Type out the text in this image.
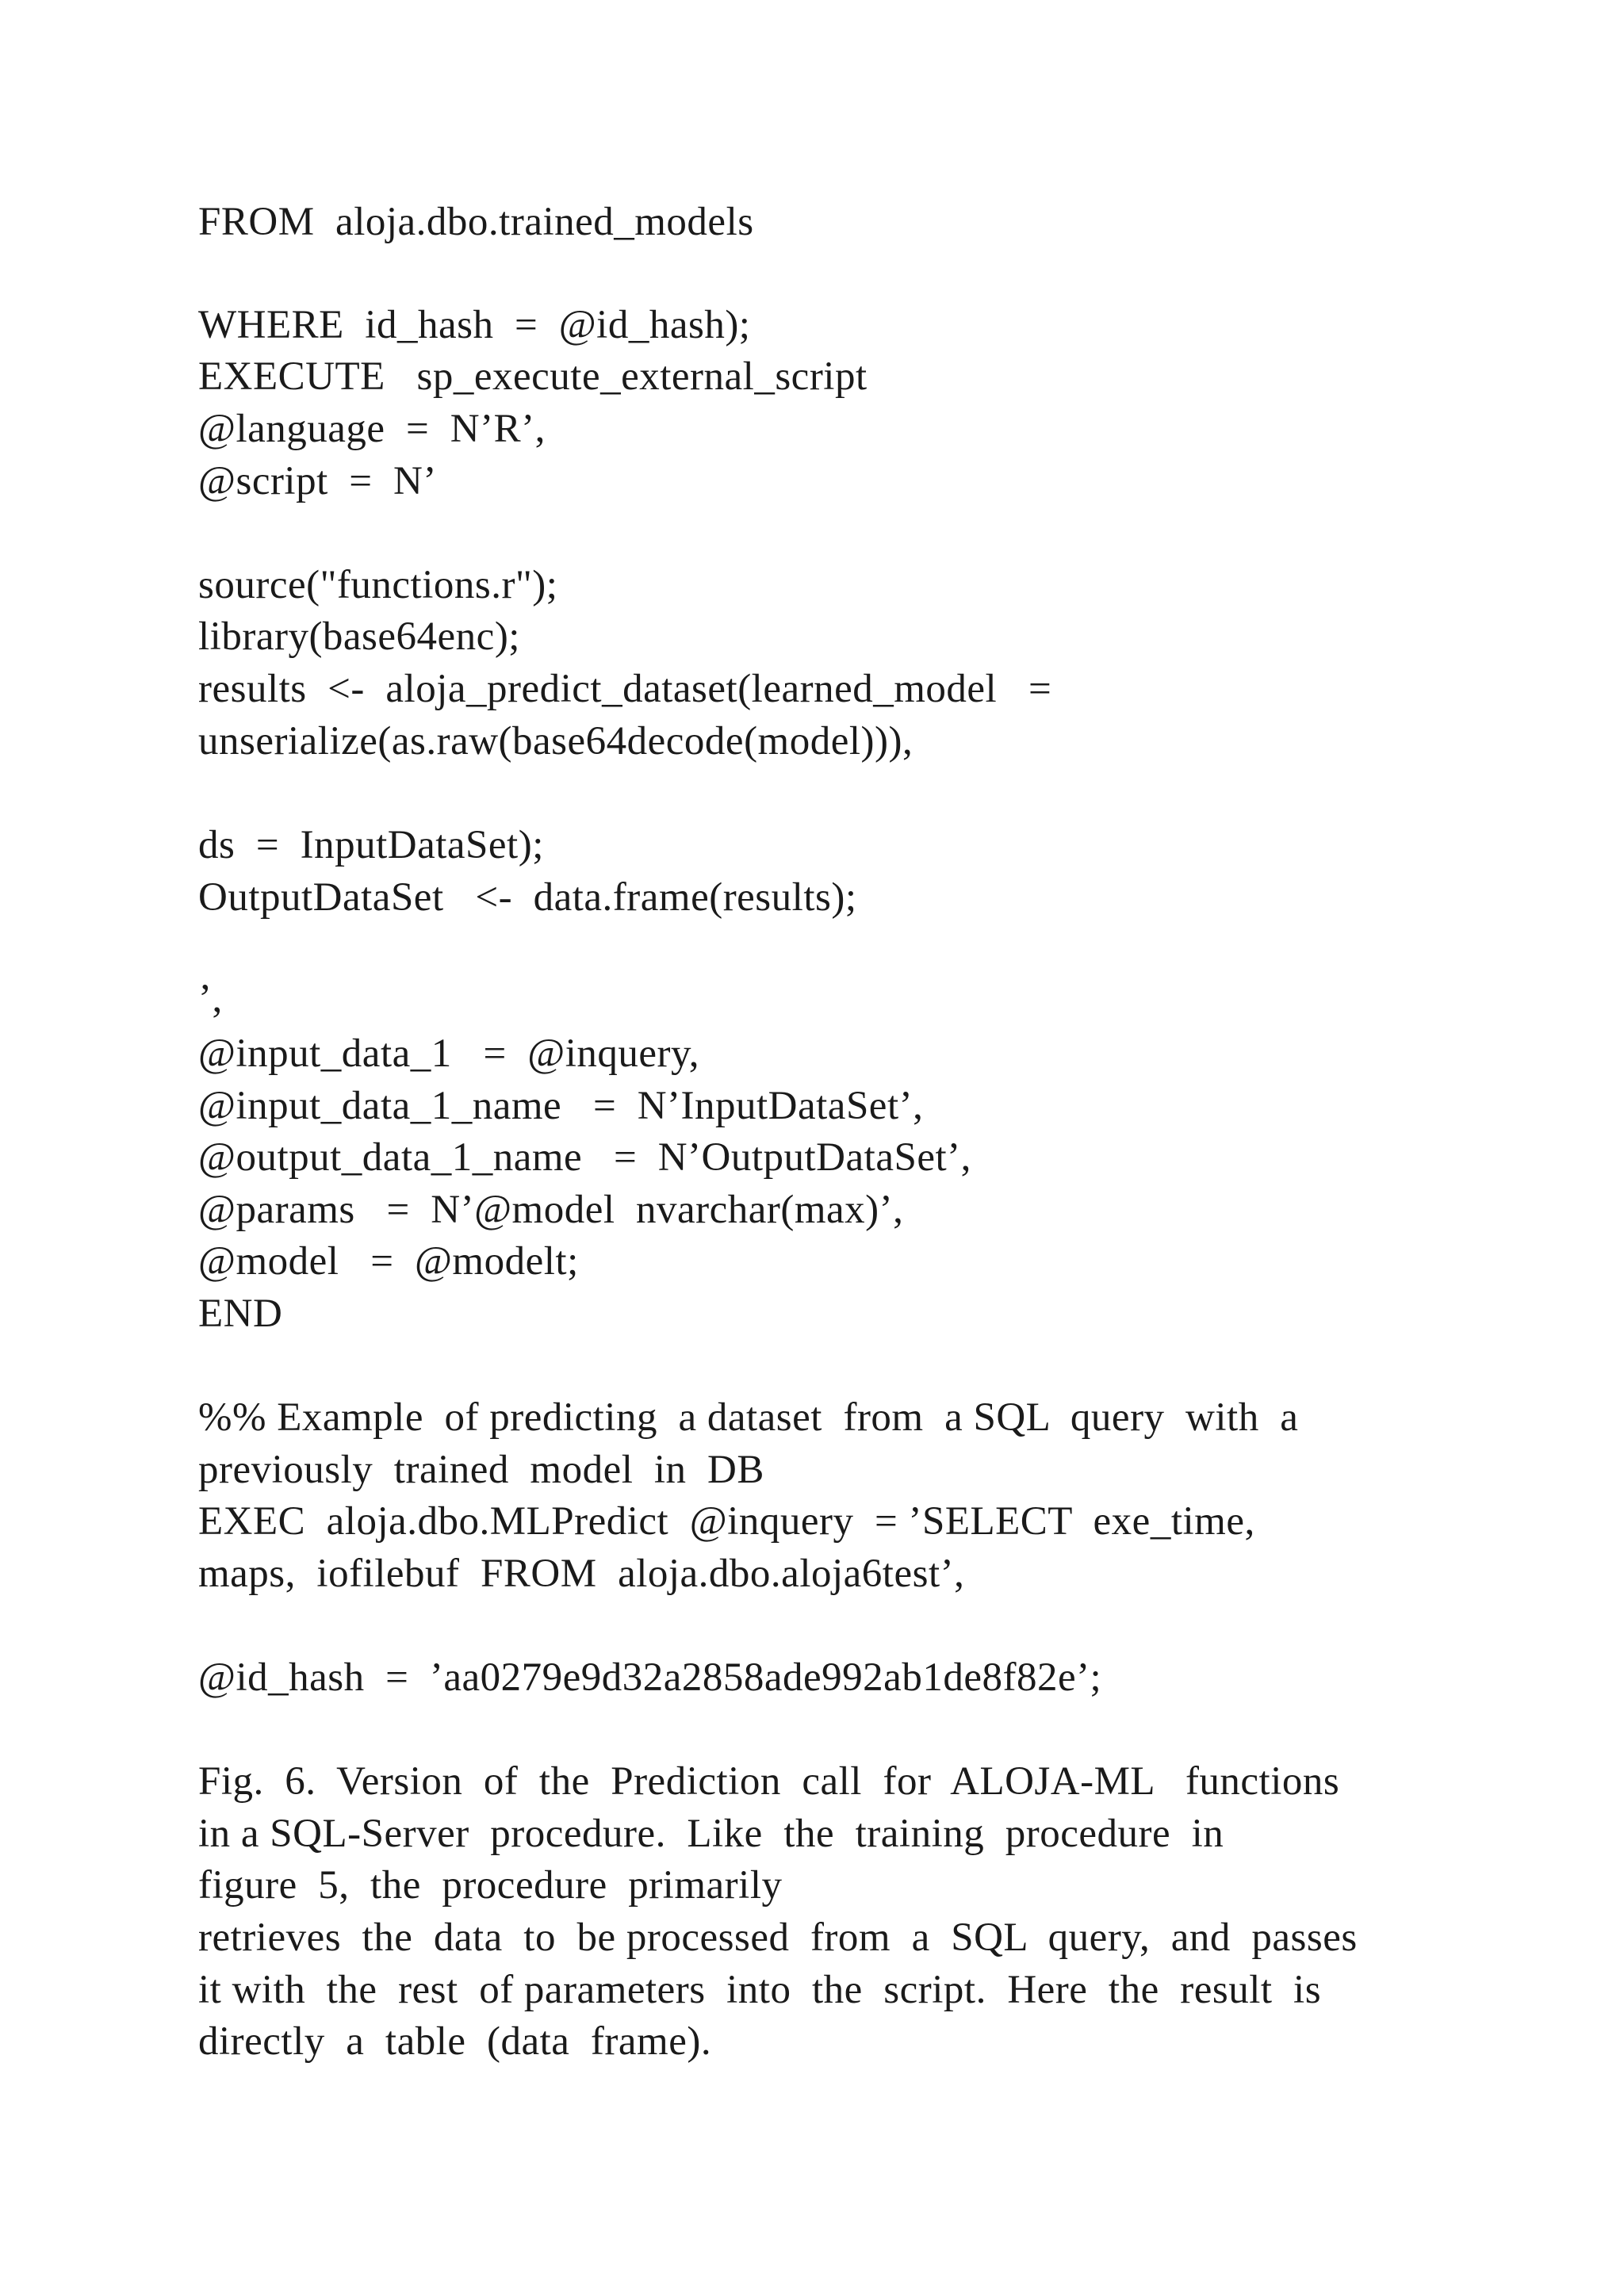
FROM  aloja.dbo.trained_models

WHERE  id_hash  =  @id_hash);

EXECUTE   sp_execute_external_script

@language  =  N’R’,

@script  =  N’

source("functions.r");

library(base64enc);

results  <-  aloja_predict_dataset(learned_model   =

unserialize(as.raw(base64decode(model))),

ds  =  InputDataSet);

OutputDataSet   <-  data.frame(results);

’,

@input_data_1   =  @inquery,

@input_data_1_name   =  N’InputDataSet’,

@output_data_1_name   =  N’OutputDataSet’,

@params   =  N’@model  nvarchar(max)’,

@model   =  @modelt;

END

%% Example  of predicting  a dataset  from  a SQL  query  with  a

previously  trained  model  in  DB

EXEC  aloja.dbo.MLPredict  @inquery  = ’SELECT  exe_time,

maps,  iofilebuf  FROM  aloja.dbo.aloja6test’,

@id_hash  =  ’aa0279e9d32a2858ade992ab1de8f82e’;

Fig.  6.  Version  of  the  Prediction  call  for  ALOJA-ML   functions

in a SQL-Server  procedure.  Like  the  training  procedure  in

figure  5,  the  procedure  primarily

retrieves  the  data  to  be processed  from  a  SQL  query,  and  passes

it with  the  rest  of parameters  into  the  script.  Here  the  result  is

directly  a  table  (data  frame).
